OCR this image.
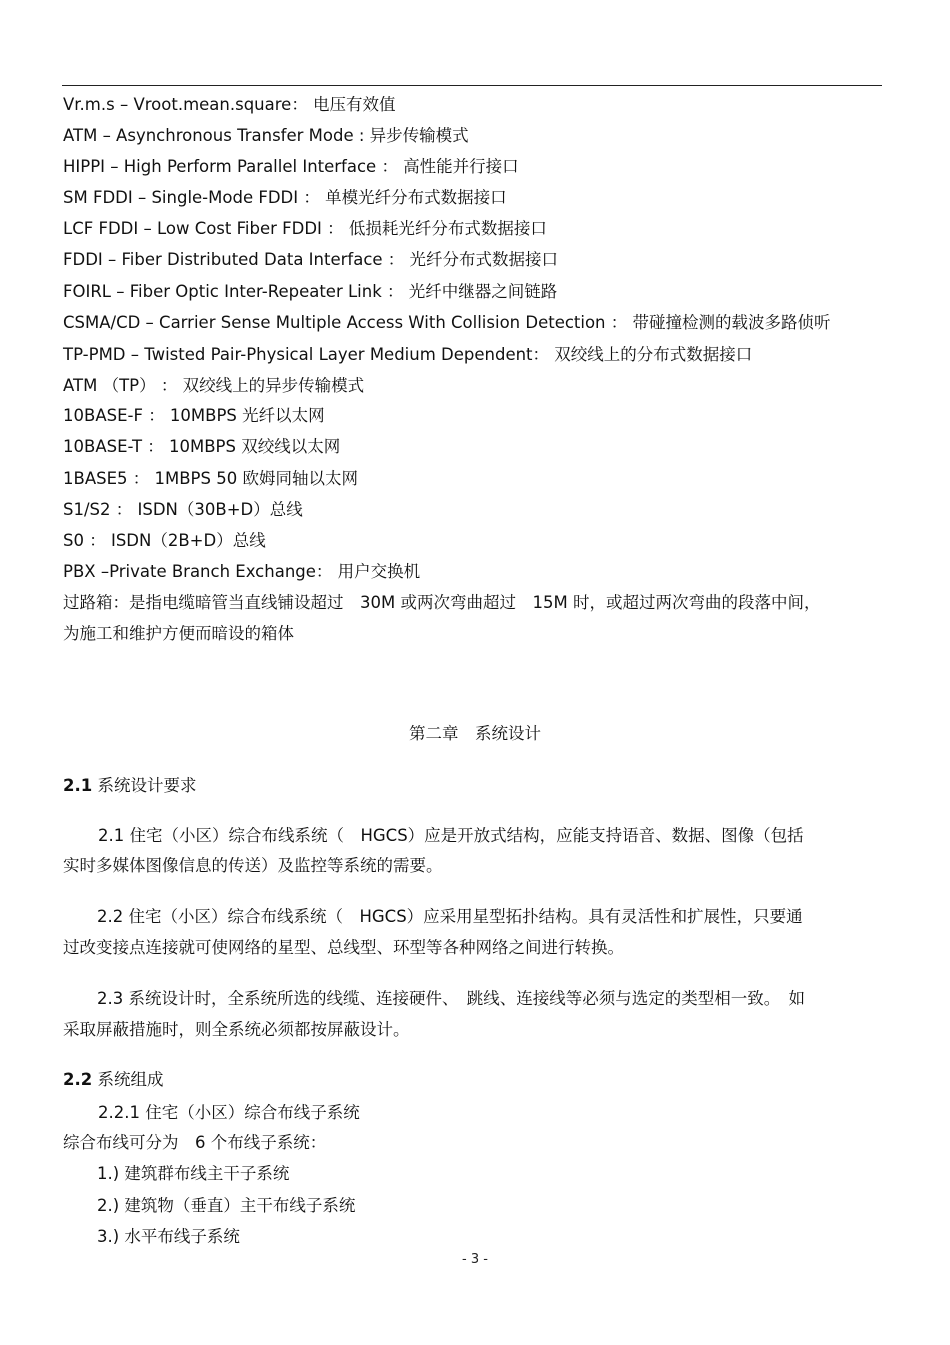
Vr.m.s – Vroot.mean.square： 电压有效值
ATM – Asynchronous Transfer Mode : 异步传输模式
HIPPI – High Perform Parallel Interface ： 高性能并行接口
SM FDDI – Single-Mode FDDI ： 单模光纤分布式数据接口
LCF FDDI – Low Cost Fiber FDDI ： 低损耗光纤分布式数据接口
FDDI – Fiber Distributed Data Interface ： 光纤分布式数据接口
FOIRL – Fiber Optic Inter-Repeater Link ： 光纤中继器之间链路
CSMA/CD – Carrier Sense Multiple Access With Collision Detection ： 带碰撞检测的载波多路侦听
TP-PMD – Twisted Pair-Physical Layer Medium Dependent： 双绞线上的分布式数据接口
ATM （TP） ： 双绞线上的异步传输模式
10BASE-F ： 10MBPS 光纤以太网
10BASE-T ： 10MBPS 双绞线以太网
1BASE5 ： 1MBPS 50 欧姆同轴以太网
S1/S2 ： ISDN（30B+D）总线
S0 ： ISDN（2B+D）总线
PBX –Private Branch Exchange： 用户交换机
过路箱：是指电缆暗管当直线铺设超过　30M 或两次弯曲超过　15M 时，或超过两次弯曲的段落中间，
为施工和维护方便而暗设的箱体
第二章　系统设计
2.1 系统设计要求
2.1 住宅（小区）综合布线系统（　HGCS）应是开放式结构，应能支持语音、数据、图像（包括
实时多媒体图像信息的传送）及监控等系统的需要。
2.2 住宅（小区）综合布线系统（　HGCS）应采用星型拓扑结构。具有灵活性和扩展性，只要通
过改变接点连接就可使网络的星型、总线型、环型等各种网络之间进行转换。
2.3 系统设计时，全系统所选的线缆、连接硬件、　跳线、连接线等必须与选定的类型相一致。　如
采取屏蔽措施时，则全系统必须都按屏蔽设计。
2.2 系统组成
2.2.1 住宅（小区）综合布线子系统
综合布线可分为　6 个布线子系统：
1.) 建筑群布线主干子系统
2.) 建筑物（垂直）主干布线子系统
3.) 水平布线子系统
- 3 -
